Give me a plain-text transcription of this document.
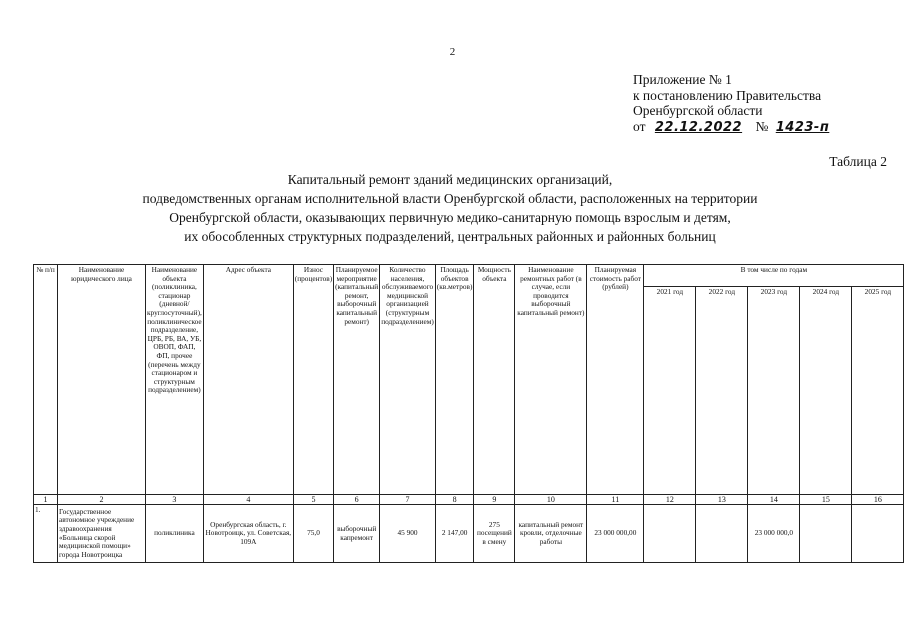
2
Приложение № 1
к постановлению Правительства
Оренбургской области
от 22.12.2022 № 1423-п
Таблица 2
Капитальный ремонт зданий медицинских организаций,
подведомственных органам исполнительной власти Оренбургской области, расположенных на территории
Оренбургской области, оказывающих первичную медико-санитарную помощь взрослым и детям,
их обособленных структурных подразделений, центральных районных и районных больниц
№ п/п	Наименование юридического лица	Наименование объекта (поликлиника, стационар (дневной/круглосуточный), поликлиническое подразделение, ЦРБ, РБ, ВА, УБ, ОВОП, ФАП, ФП, прочее (перечень между стационаром и структурным подразделением)	Адрес объекта	Износ (процентов)	Планируемое мероприятие (капитальный ремонт, выборочный капитальный ремонт)	Количество населения, обслуживаемого медицинской организацией (структурным подразделением)	Площадь объектов (кв.метров)	Мощность объекта	Наименование ремонтных работ (в случае, если проводится выборочный капитальный ремонт)	Планируемая стоимость работ (рублей)	В том числе по годам				
											2021 год	2022 год	2023 год	2024 год	2025 год
1	2	3	4	5	6	7	8	9	10	11	12	13	14	15	16
1.	Государственное автономное учреждение здравоохранения «Больница скорой медицинской помощи» города Новотроицка	поликлиника	Оренбургская область, г. Новотроицк, ул. Советская, 109А	75,0	выборочный капремонт	45 900	2 147,00	275 посещений в смену	капитальный ремонт кровли, отделочные работы	23 000 000,00			23 000 000,0		
